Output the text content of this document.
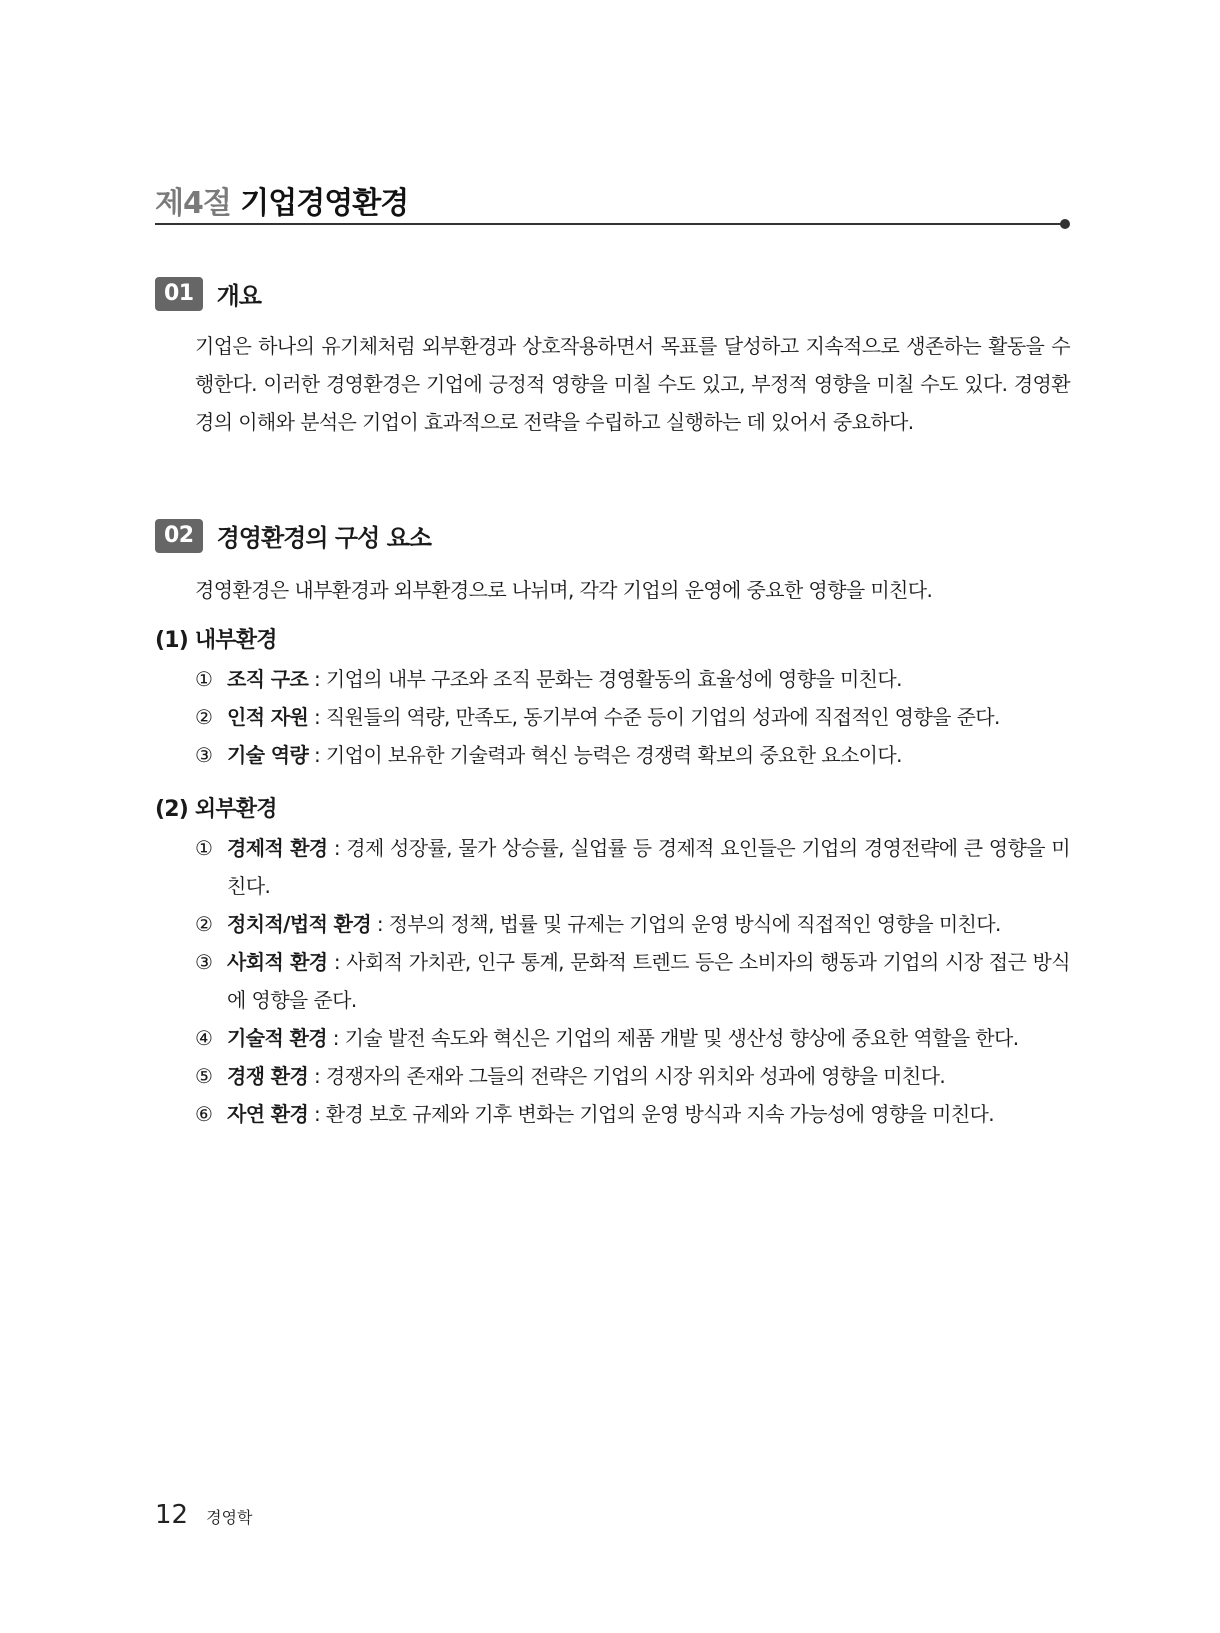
제4절 기업경영환경
01 개요

기업은 하나의 유기체처럼 외부환경과 상호작용하면서 목표를 달성하고 지속적으로 생존하는 활동을 수행한다. 이러한 경영환경은 기업에 긍정적 영향을 미칠 수도 있고, 부정적 영향을 미칠 수도 있다. 경영환경의 이해와 분석은 기업이 효과적으로 전략을 수립하고 실행하는 데 있어서 중요하다.

02 경영환경의 구성 요소

경영환경은 내부환경과 외부환경으로 나뉘며, 각각 기업의 운영에 중요한 영향을 미친다.

(1) 내부환경

① 조직 구조 : 기업의 내부 구조와 조직 문화는 경영활동의 효율성에 영향을 미친다.

② 인적 자원 : 직원들의 역량, 만족도, 동기부여 수준 등이 기업의 성과에 직접적인 영향을 준다.

③ 기술 역량 : 기업이 보유한 기술력과 혁신 능력은 경쟁력 확보의 중요한 요소이다.

(2) 외부환경

① 경제적 환경 : 경제 성장률, 물가 상승률, 실업률 등 경제적 요인들은 기업의 경영전략에 큰 영향을 미친다.

② 정치적/법적 환경 : 정부의 정책, 법률 및 규제는 기업의 운영 방식에 직접적인 영향을 미친다.

③ 사회적 환경 : 사회적 가치관, 인구 통계, 문화적 트렌드 등은 소비자의 행동과 기업의 시장 접근 방식에 영향을 준다.

④ 기술적 환경 : 기술 발전 속도와 혁신은 기업의 제품 개발 및 생산성 향상에 중요한 역할을 한다.

⑤ 경쟁 환경 : 경쟁자의 존재와 그들의 전략은 기업의 시장 위치와 성과에 영향을 미친다.

⑥ 자연 환경 : 환경 보호 규제와 기후 변화는 기업의 운영 방식과 지속 가능성에 영향을 미친다.

12 경영학
